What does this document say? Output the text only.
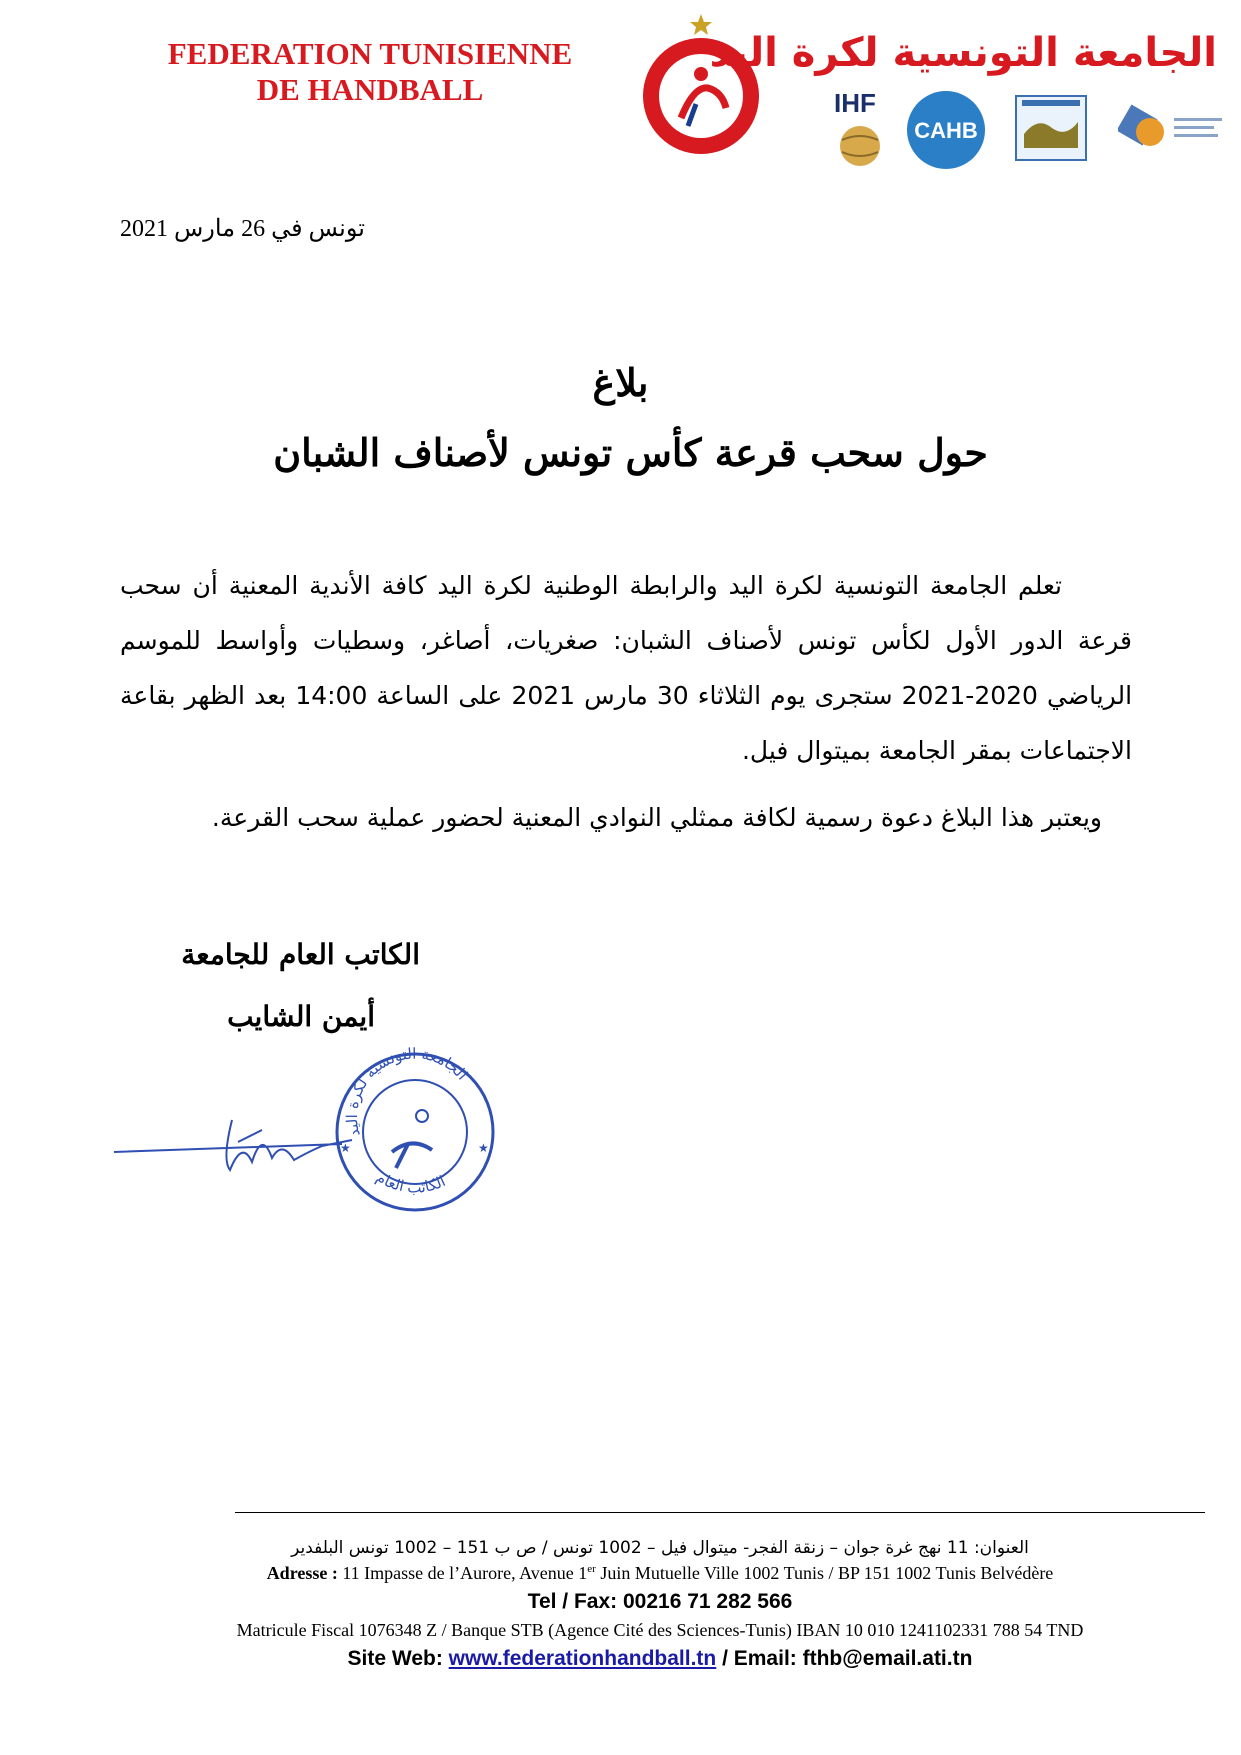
FEDERATION TUNISIENNE
DE HANDBALL
الجامعة التونسية لكرة اليد
IHF
CAHB
تونس في 26 مارس 2021
بلاغ
حول سحب قرعة كأس تونس لأصناف الشبان
تعلم الجامعة التونسية لكرة اليد والرابطة الوطنية لكرة اليد كافة الأندية المعنية أن سحب قرعة الدور الأول لكأس تونس لأصناف الشبان: صغريات، أصاغر، وسطيات وأواسط للموسم الرياضي 2020-2021 ستجرى يوم الثلاثاء 30 مارس 2021 على الساعة 14:00 بعد الظهر بقاعة الاجتماعات بمقر الجامعة بميتوال فيل.
ويعتبر هذا البلاغ دعوة رسمية لكافة ممثلي النوادي المعنية لحضور عملية سحب القرعة.
الكاتب العام للجامعة
أيمن الشايب
الجامعة التونسية لكرة اليد
الكاتب العام
★	★
العنوان: 11 نهج غرة جوان – زنقة الفجر- ميتوال فيل – 1002 تونس / ص ب 151 – 1002 تونس البلفدير
Adresse : 11 Impasse de l’Aurore, Avenue 1er Juin Mutuelle Ville 1002 Tunis / BP 151 1002 Tunis Belvédère
Tel / Fax: 00216 71 282 566
Matricule Fiscal 1076348 Z / Banque STB (Agence Cité des Sciences-Tunis) IBAN 10 010 1241102331 788 54 TND
Site Web: www.federationhandball.tn / Email: fthb@email.ati.tn
